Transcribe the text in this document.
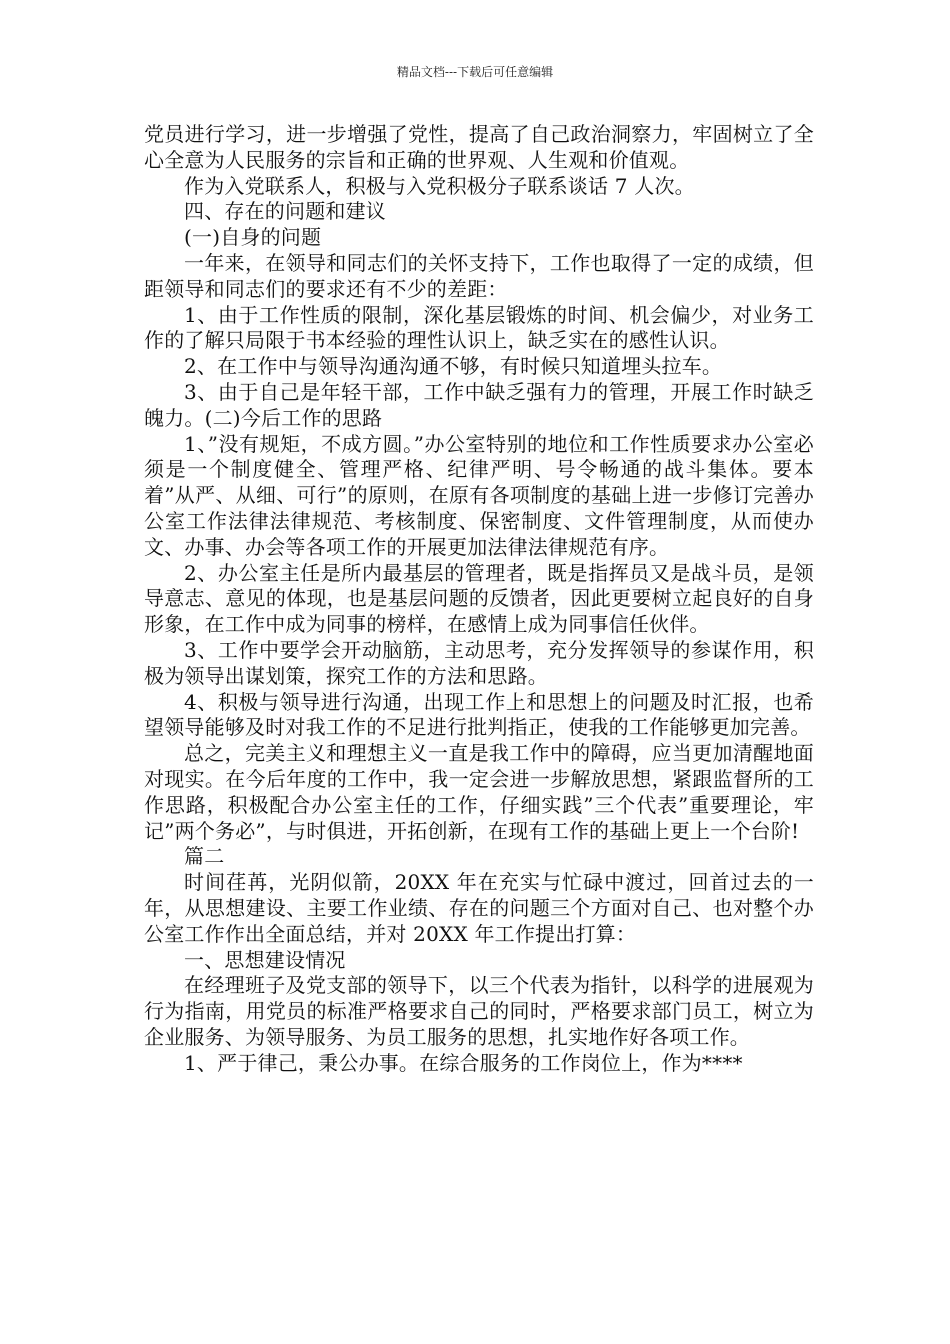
精品文档---下载后可任意编辑

党员进行学习，进一步增强了党性，提高了自己政治洞察力，牢固树立了全心全意为人民服务的宗旨和正确的世界观、人生观和价值观。

作为入党联系人，积极与入党积极分子联系谈话 7 人次。

四、存在的问题和建议

(一)自身的问题

一年来，在领导和同志们的关怀支持下，工作也取得了一定的成绩，但距领导和同志们的要求还有不少的差距：

1、由于工作性质的限制，深化基层锻炼的时间、机会偏少，对业务工作的了解只局限于书本经验的理性认识上，缺乏实在的感性认识。

2、在工作中与领导沟通沟通不够，有时候只知道埋头拉车。

3、由于自己是年轻干部，工作中缺乏强有力的管理，开展工作时缺乏魄力。(二)今后工作的思路

1、”没有规矩，不成方圆。”办公室特别的地位和工作性质要求办公室必须是一个制度健全、管理严格、纪律严明、号令畅通的战斗集体。要本着”从严、从细、可行”的原则，在原有各项制度的基础上进一步修订完善办公室工作法律法律规范、考核制度、保密制度、文件管理制度，从而使办文、办事、办会等各项工作的开展更加法律法律规范有序。

2、办公室主任是所内最基层的管理者，既是指挥员又是战斗员，是领导意志、意见的体现，也是基层问题的反馈者，因此更要树立起良好的自身形象，在工作中成为同事的榜样，在感情上成为同事信任伙伴。

3、工作中要学会开动脑筋，主动思考，充分发挥领导的参谋作用，积极为领导出谋划策，探究工作的方法和思路。

4、积极与领导进行沟通，出现工作上和思想上的问题及时汇报，也希望领导能够及时对我工作的不足进行批判指正，使我的工作能够更加完善。

总之，完美主义和理想主义一直是我工作中的障碍，应当更加清醒地面对现实。在今后年度的工作中，我一定会进一步解放思想，紧跟监督所的工作思路，积极配合办公室主任的工作，仔细实践”三个代表”重要理论，牢记”两个务必”，与时俱进，开拓创新，在现有工作的基础上更上一个台阶!

篇二

时间荏苒，光阴似箭，20XX 年在充实与忙碌中渡过，回首过去的一年，从思想建设、主要工作业绩、存在的问题三个方面对自己、也对整个办公室工作作出全面总结，并对 20XX 年工作提出打算：

一、思想建设情况

在经理班子及党支部的领导下，以三个代表为指针，以科学的进展观为行为指南，用党员的标准严格要求自己的同时，严格要求部门员工，树立为企业服务、为领导服务、为员工服务的思想，扎实地作好各项工作。

1、严于律己，秉公办事。在综合服务的工作岗位上，作为****
